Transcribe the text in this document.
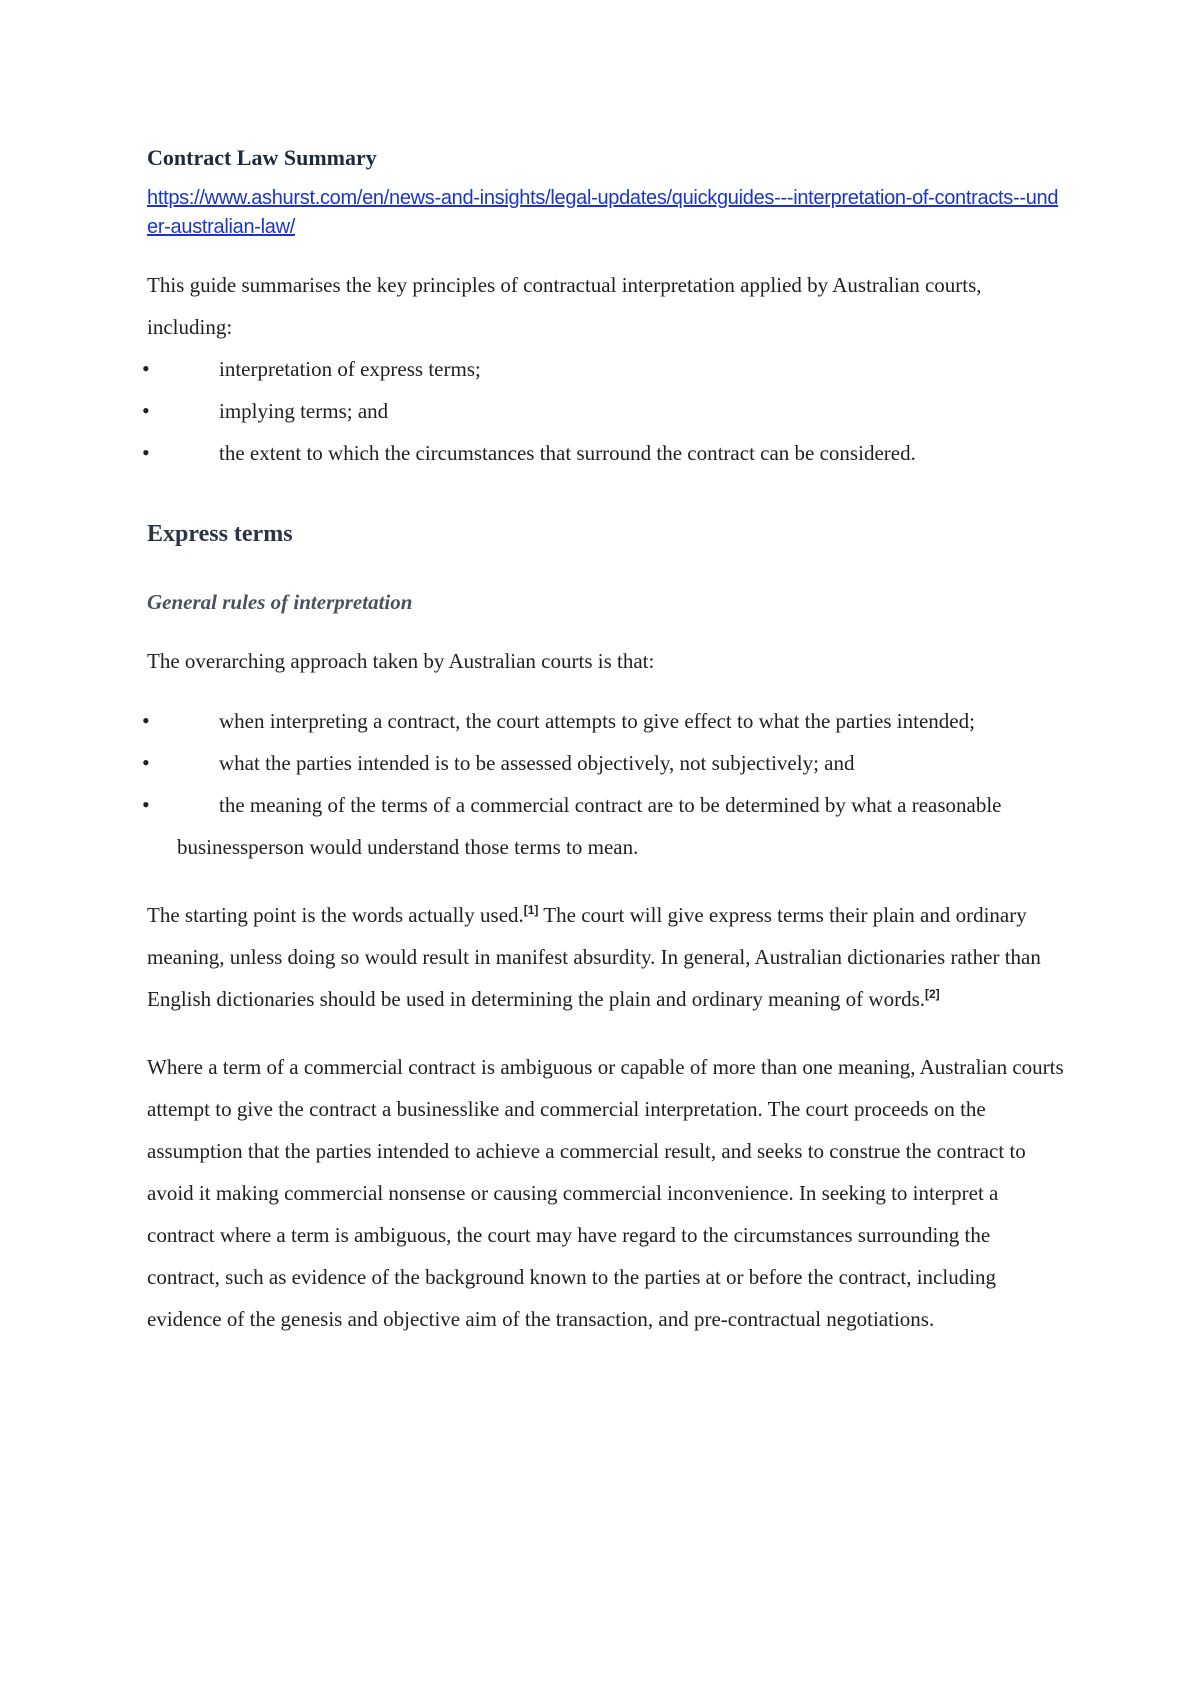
Contract Law Summary
https://www.ashurst.com/en/news-and-insights/legal-updates/quickguides---interpretation-of-contracts--under-australian-law/

This guide summarises the key principles of contractual interpretation applied by Australian courts, including:

•	interpretation of express terms;
•	implying terms; and
•	the extent to which the circumstances that surround the contract can be considered.
Express terms
General rules of interpretation

The overarching approach taken by Australian courts is that:

•	when interpreting a contract, the court attempts to give effect to what the parties intended;
•	what the parties intended is to be assessed objectively, not subjectively; and
•	the meaning of the terms of a commercial contract are to be determined by what a reasonable businessperson would understand those terms to mean.

The starting point is the words actually used.[1] The court will give express terms their plain and ordinary meaning, unless doing so would result in manifest absurdity. In general, Australian dictionaries rather than English dictionaries should be used in determining the plain and ordinary meaning of words.[2]

Where a term of a commercial contract is ambiguous or capable of more than one meaning, Australian courts attempt to give the contract a businesslike and commercial interpretation. The court proceeds on the assumption that the parties intended to achieve a commercial result, and seeks to construe the contract to avoid it making commercial nonsense or causing commercial inconvenience. In seeking to interpret a contract where a term is ambiguous, the court may have regard to the circumstances surrounding the contract, such as evidence of the background known to the parties at or before the contract, including evidence of the genesis and objective aim of the transaction, and pre-contractual negotiations.
